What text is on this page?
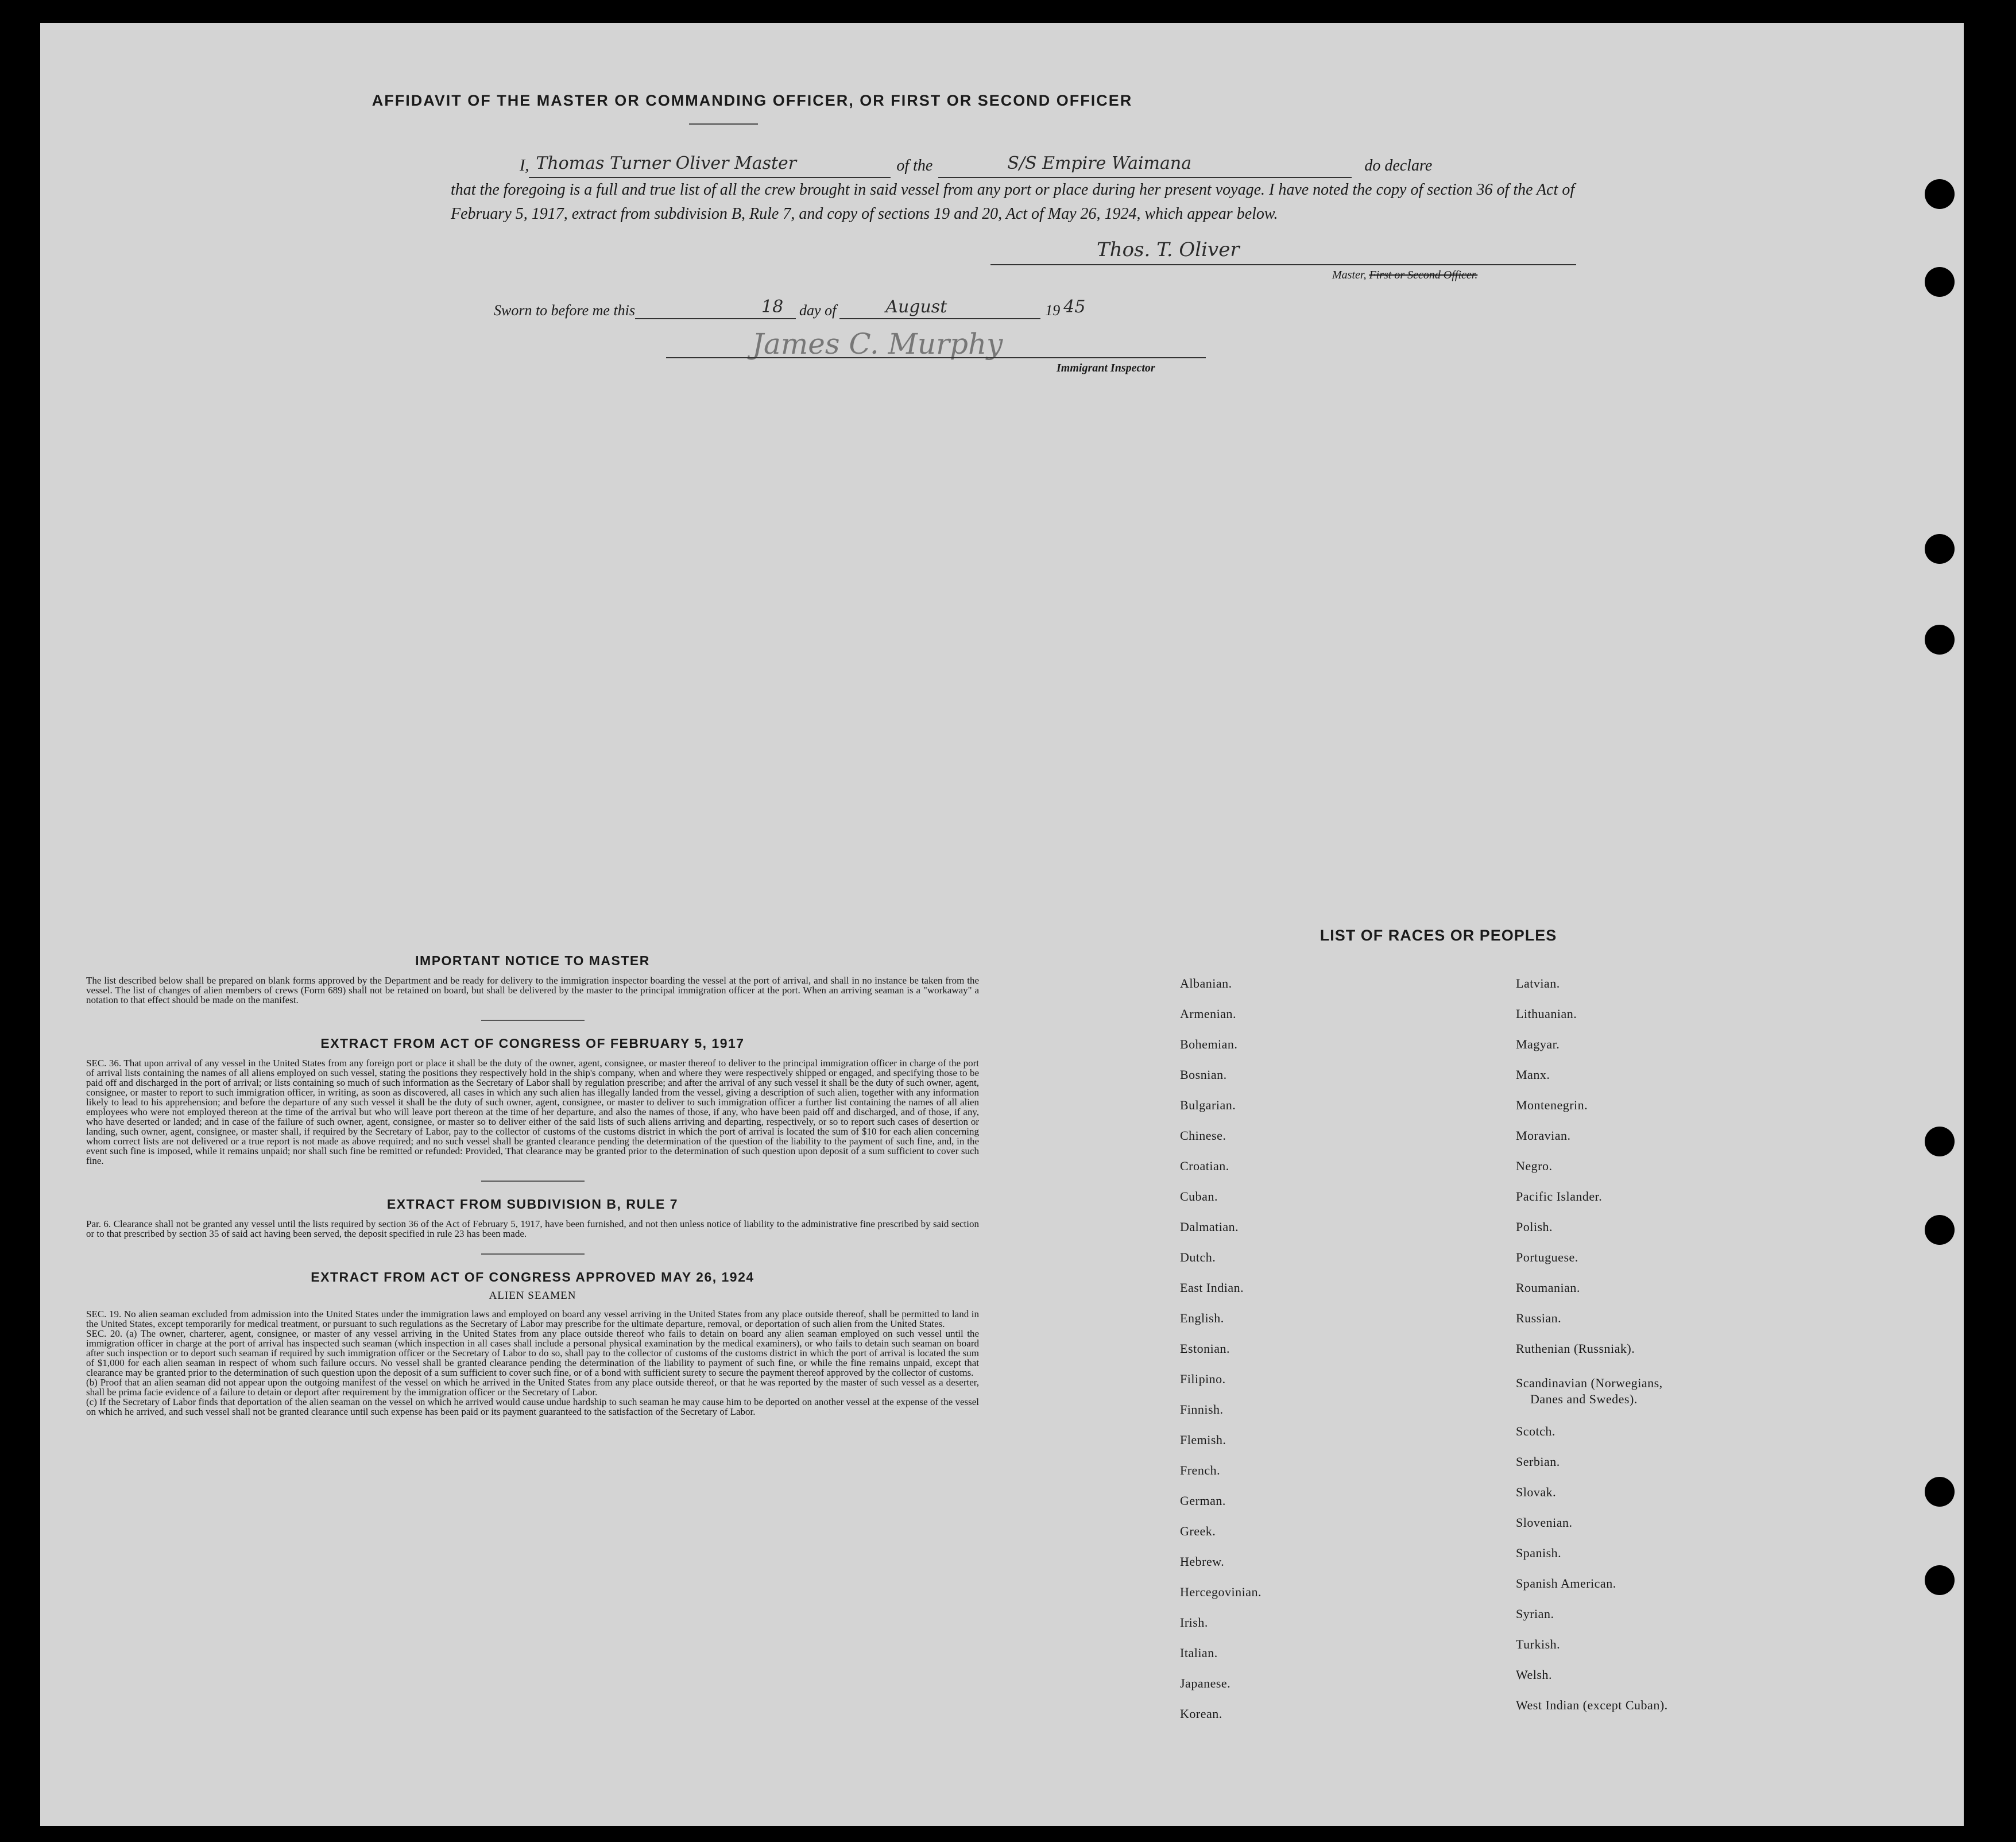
AFFIDAVIT OF THE MASTER OR COMMANDING OFFICER, OR FIRST OR SECOND OFFICER
I, Thomas Turner Oliver Master	of the	S/S Empire Waimana	do declare

that the foregoing is a full and true list of all the crew brought in said vessel from any port or place during her present voyage. I have noted the copy of section 36 of the Act of February 5, 1917, extract from subdivision B, Rule 7, and copy of sections 19 and 20, Act of May 26, 1924, which appear below.

Thos. T. Oliver
Master, First or Second Officer.
Sworn to before me this	18 day of	August	19 45
James C. Murphy
Immigrant Inspector
IMPORTANT NOTICE TO MASTER

The list described below shall be prepared on blank forms approved by the Department and be ready for delivery to the immigration inspector boarding the vessel at the port of arrival, and shall in no instance be taken from the vessel. The list of changes of alien members of crews (Form 689) shall not be retained on board, but shall be delivered by the master to the principal immigration officer at the port. When an arriving seaman is a "workaway" a notation to that effect should be made on the manifest.

EXTRACT FROM ACT OF CONGRESS OF FEBRUARY 5, 1917

SEC. 36. That upon arrival of any vessel in the United States from any foreign port or place it shall be the duty of the owner, agent, consignee, or master thereof to deliver to the principal immigration officer in charge of the port of arrival lists containing the names of all aliens employed on such vessel, stating the positions they respectively hold in the ship's company, when and where they were respectively shipped or engaged, and specifying those to be paid off and discharged in the port of arrival; or lists containing so much of such information as the Secretary of Labor shall by regulation prescribe; and after the arrival of any such vessel it shall be the duty of such owner, agent, consignee, or master to report to such immigration officer, in writing, as soon as discovered, all cases in which any such alien has illegally landed from the vessel, giving a description of such alien, together with any information likely to lead to his apprehension; and before the departure of any such vessel it shall be the duty of such owner, agent, consignee, or master to deliver to such immigration officer a further list containing the names of all alien employees who were not employed thereon at the time of the arrival but who will leave port thereon at the time of her departure, and also the names of those, if any, who have been paid off and discharged, and of those, if any, who have deserted or landed; and in case of the failure of such owner, agent, consignee, or master so to deliver either of the said lists of such aliens arriving and departing, respectively, or so to report such cases of desertion or landing, such owner, agent, consignee, or master shall, if required by the Secretary of Labor, pay to the collector of customs of the customs district in which the port of arrival is located the sum of $10 for each alien concerning whom correct lists are not delivered or a true report is not made as above required; and no such vessel shall be granted clearance pending the determination of the question of the liability to the payment of such fine, and, in the event such fine is imposed, while it remains unpaid; nor shall such fine be remitted or refunded: Provided, That clearance may be granted prior to the determination of such question upon deposit of a sum sufficient to cover such fine.

EXTRACT FROM SUBDIVISION B, RULE 7

Par. 6. Clearance shall not be granted any vessel until the lists required by section 36 of the Act of February 5, 1917, have been furnished, and not then unless notice of liability to the administrative fine prescribed by said section or to that prescribed by section 35 of said act having been served, the deposit specified in rule 23 has been made.

EXTRACT FROM ACT OF CONGRESS APPROVED MAY 26, 1924
ALIEN SEAMEN

SEC. 19. No alien seaman excluded from admission into the United States under the immigration laws and employed on board any vessel arriving in the United States from any place outside thereof, shall be permitted to land in the United States, except temporarily for medical treatment, or pursuant to such regulations as the Secretary of Labor may prescribe for the ultimate departure, removal, or deportation of such alien from the United States.

SEC. 20. (a) The owner, charterer, agent, consignee, or master of any vessel arriving in the United States from any place outside thereof who fails to detain on board any alien seaman employed on such vessel until the immigration officer in charge at the port of arrival has inspected such seaman (which inspection in all cases shall include a personal physical examination by the medical examiners), or who fails to detain such seaman on board after such inspection or to deport such seaman if required by such immigration officer or the Secretary of Labor to do so, shall pay to the collector of customs of the customs district in which the port of arrival is located the sum of $1,000 for each alien seaman in respect of whom such failure occurs. No vessel shall be granted clearance pending the determination of the liability to payment of such fine, or while the fine remains unpaid, except that clearance may be granted prior to the determination of such question upon the deposit of a sum sufficient to cover such fine, or of a bond with sufficient surety to secure the payment thereof approved by the collector of customs.

(b) Proof that an alien seaman did not appear upon the outgoing manifest of the vessel on which he arrived in the United States from any place outside thereof, or that he was reported by the master of such vessel as a deserter, shall be prima facie evidence of a failure to detain or deport after requirement by the immigration officer or the Secretary of Labor.

(c) If the Secretary of Labor finds that deportation of the alien seaman on the vessel on which he arrived would cause undue hardship to such seaman he may cause him to be deported on another vessel at the expense of the vessel on which he arrived, and such vessel shall not be granted clearance until such expense has been paid or its payment guaranteed to the satisfaction of the Secretary of Labor.

LIST OF RACES OR PEOPLES
Albanian.
Armenian.
Bohemian.
Bosnian.
Bulgarian.
Chinese.
Croatian.
Cuban.
Dalmatian.
Dutch.
East Indian.
English.
Estonian.
Filipino.
Finnish.
Flemish.
French.
German.
Greek.
Hebrew.
Hercegovinian.
Irish.
Italian.
Japanese.
Korean.
Latvian.
Lithuanian.
Magyar.
Manx.
Montenegrin.
Moravian.
Negro.
Pacific Islander.
Polish.
Portuguese.
Roumanian.
Russian.
Ruthenian (Russniak).
Scandinavian (Norwegians,
Danes and Swedes).
Scotch.
Serbian.
Slovak.
Slovenian.
Spanish.
Spanish American.
Syrian.
Turkish.
Welsh.
West Indian (except Cuban).
